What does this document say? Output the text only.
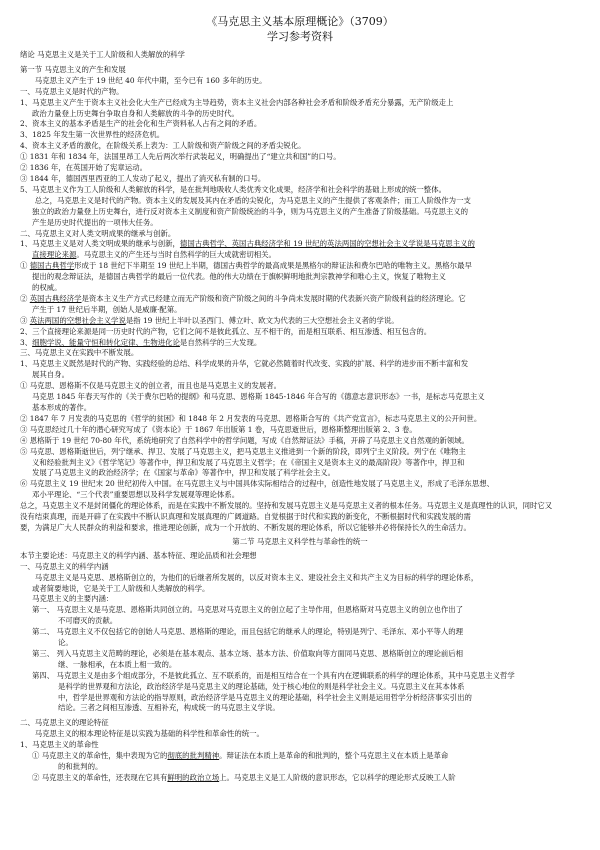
《马克思主义基本原理概论》（3709）
学习参考资料
绪论 马克思主义是关于工人阶级和人类解放的科学
第一节 马克思主义的产生和发展
马克思主义产生于 19 世纪 40 年代中期，至今已有 160 多年的历史。
一、马克思主义是时代的产物。
1、马克思主义产生于资本主义社会化大生产已经成为主导趋势，资本主义社会内部各种社会矛盾和阶级矛盾充分暴露，无产阶级走上
政治力量登上历史舞台争取自身和人类解放的斗争的历史时代。
2、资本主义的基本矛盾是生产的社会化和生产资料私人占有之间的矛盾。
3、1825 年发生第一次世界性的经济危机。
4、资本主义矛盾的激化，在阶级关系上表为：工人阶级和资产阶级之间的矛盾尖锐化。
① 1831 年和 1834 年，法国里昂工人先后两次举行武装起义，明确提出了“建立共和国”的口号。
② 1836 年，在英国开始了宪章运动。
③ 1844 年，德国西里西亚的工人发动了起义，提出了消灭私有制的口号。
5、马克思主义作为工人阶级和人类解放的科学，是在批判地吸收人类优秀文化成果，经济学和社会科学的基础上形成的统一整体。
总之，马克思主义是时代的产物。资本主义的发展及其内在矛盾的尖锐化，为马克思主义的产生提供了客观条件；而工人阶级作为一支
独立的政治力量登上历史舞台，进行反对资本主义制度和资产阶级统治的斗争，则为马克思主义的产生准备了阶级基础。马克思主义的
产生是历史时代提出的一项伟大任务。
二、马克思主义对人类文明成果的继承与创新。
1、马克思主义是对人类文明成果的继承与创新，德国古典哲学、英国古典经济学和 19 世纪的英法两国的空想社会主义学说是马克思主义的
直接理论来源。马克思主义的产生还与当时自然科学的巨大成就密切相关。
① 德国古典哲学形成于 18 世纪下半期至 19 世纪上半期，德国古典哲学的最高成果是黑格尔的辩证法和费尔巴哈的唯物主义。黑格尔最早
提出的观念辩证法，是德国古典哲学的最后一位代表。他的伟大功绩在于旗帜鲜明地批判宗教神学和唯心主义，恢复了唯物主义
的权威。
② 英国古典经济学是资本主义生产方式已经建立而无产阶级和资产阶级之间的斗争尚未发展时期的代表新兴资产阶级利益的经济理论。它
产生于 17 世纪后半期，创始人是威廉·配第。
③ 英法两国的空想社会主义学说是指 19 世纪上半叶以圣西门、傅立叶、欧文为代表的三大空想社会主义者的学说。
2、三个直接理论来源是同一历史时代的产物，它们之间不是彼此孤立、互不相干的，而是相互联系、相互渗透、相互包含的。
3、细胞学说、能量守恒和转化定律、生物进化论是自然科学的三大发现。
三、马克思主义在实践中不断发展。
1、马克思主义既然是时代的产物、实践经验的总结、科学成果的升华，它就必然随着时代改变、实践的扩展、科学的进步而不断丰富和发
展其自身。
① 马克思、恩格斯不仅是马克思主义的创立者，而且也是马克思主义的发展者。
马克思 1845 年春天写作的《关于费尔巴哈的提纲》和马克思、恩格斯 1845-1846 年合写的《德意志意识形态》一书，是标志马克思主义
基本形成的著作。
② 1847 年 7 月发表的马克思的《哲学的贫困》和 1848 年 2 月发表的马克思、恩格斯合写的《共产党宣言》，标志马克思主义的公开问世。
③ 马克思经过几十年的潜心研究写成了《资本论》于 1867 年出版第 1 卷，马克思逝世后，恩格斯整理出版第 2、3 卷。
④ 恩格斯于 19 世纪 70-80 年代，系统地研究了自然科学中的哲学问题，写成《自然辩证法》手稿，开辟了马克思主义自然观的新领域。
⑤ 马克思、恩格斯逝世后，列宁继承、捍卫、发展了马克思主义，把马克思主义推进到一个新的阶段，即列宁主义阶段。列宁在《唯物主
义和经验批判主义》《哲学笔记》等著作中，捍卫和发展了马克思主义哲学；在《帝国主义是资本主义的最高阶段》等著作中，捍卫和
发展了马克思主义的政治经济学；在《国家与革命》等著作中，捍卫和发展了科学社会主义。
⑥ 马克思主义 19 世纪末 20 世纪初传入中国。在马克思主义与中国具体实际相结合的过程中，创造性地发展了马克思主义，形成了毛泽东思想、
邓小平理论、“三个代表”重要思想以及科学发展观等理论体系。
总之，马克思主义不是封闭僵化的理论体系，而是在实践中不断发展的。坚持和发展马克思主义是马克思主义者的根本任务。马克思主义是真理性的认识，同时它又
没有结束真理，而是开辟了在实践中不断认识真理和发展真理的广阔道路。自觉根据于时代和实践的新变化，不断根据时代和实践发展的需
要，为满足广大人民群众的利益和要求，推进理论创新，成为一个开放的、不断发展的理论体系，所以它能够并必将保持长久的生命活力。
第二节 马克思主义科学性与革命性的统一
本节主要论述：马克思主义的科学内涵、基本特征、理论品质和社会理想
一、马克思主义的科学内涵
马克思主义是马克思、恩格斯创立的，为他们的后继者所发展的，以反对资本主义、建设社会主义和共产主义为目标的科学的理论体系，
或者简要地说，它是关于工人阶级和人类解放的科学。
马克思主义的主要内涵：
第一、 马克思主义是马克思、恩格斯共同创立的。马克思对马克思主义的创立起了主导作用，但恩格斯对马克思主义的创立也作出了
不可磨灭的贡献。
第二、 马克思主义不仅包括它的创始人马克思、恩格斯的理论，而且包括它的继承人的理论，特别是列宁、毛泽东、邓小平等人的理
论。
第三、 列入马克思主义范畴的理论，必须是在基本观点、基本立场、基本方法、价值取向等方面同马克思、恩格斯创立的理论前后相
继、一脉相承，在本质上相一致的。
第四、 马克思主义是由多个组成部分，不是彼此孤立、互不联系的，而是相互结合在一个具有内在逻辑联系的科学的理论体系，其中马克思主义哲学
是科学的世界观和方法论，政治经济学是马克思主义的理论基础，处于核心地位的则是科学社会主义。马克思主义在其本体系
中，哲学是世界观和方法论的指导原则，政治经济学是马克思主义的理论基础，科学社会主义则是运用哲学分析经济事实引出的
结论。三者之间相互渗透、互相补充，构成统一的马克思主义学说。
二、马克思主义的理论特征
马克思主义的根本理论特征是以实践为基础的科学性和革命性的统一。
1、马克思主义的革命性
① 马克思主义的革命性，集中表现为它的彻底的批判精神。辩证法在本质上是革命的和批判的，整个马克思主义在本质上是革命
的和批判的。
② 马克思主义的革命性，还表现在它具有鲜明的政治立场上。马克思主义是工人阶级的意识形态，它以科学的理论形式反映工人阶
